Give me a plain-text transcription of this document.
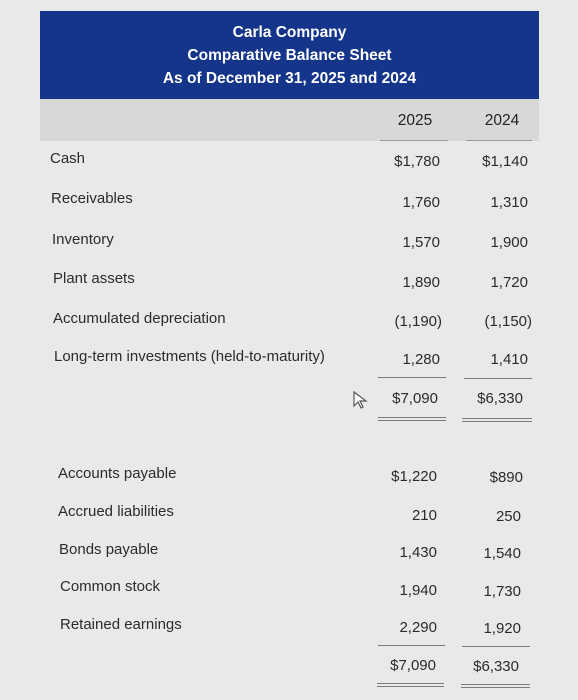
Carla Company
Comparative Balance Sheet
As of December 31, 2025 and 2024
2025	2024
Cash	$1,780	$1,140
Receivables	1,760	1,310
Inventory	1,570	1,900
Plant assets	1,890	1,720
Accumulated depreciation	(1,190)	(1,150)
Long-term investments (held-to-maturity)	1,280	1,410
$7,090	$6,330
Accounts payable	$1,220	$890
Accrued liabilities	210	250
Bonds payable	1,430	1,540
Common stock	1,940	1,730
Retained earnings	2,290	1,920
$7,090	$6,330
